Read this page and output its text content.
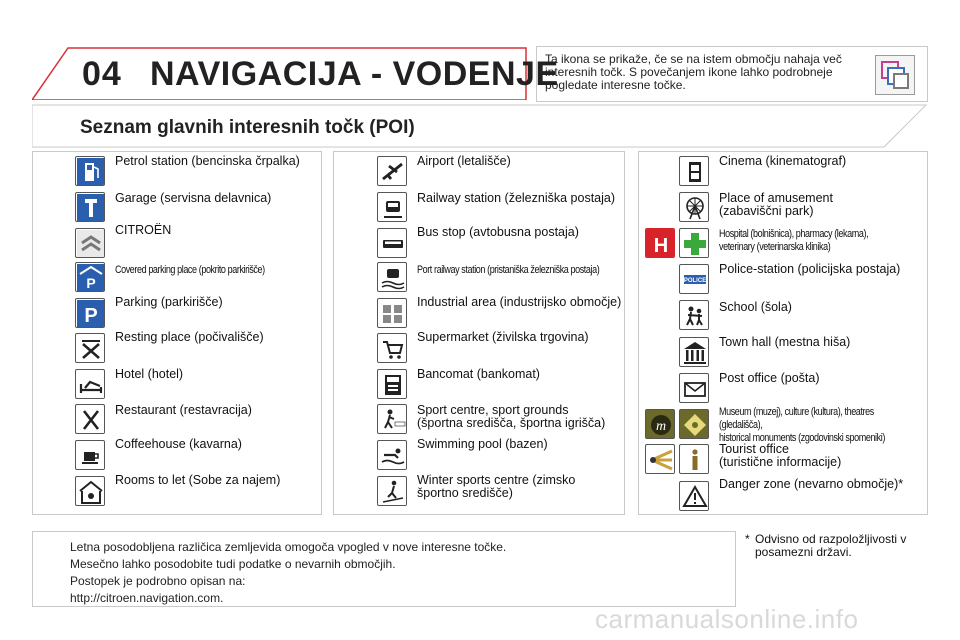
04 NAVIGACIJA - VODENJE
Ta ikona se prikaže, če se na istem območju nahaja več interesnih točk. S povečanjem ikone lahko podrobneje pogledate interesne točke.
Seznam glavnih interesnih točk (POI)
Petrol station (bencinska črpalka)
Garage (servisna delavnica)
CITROËN
P
Covered parking place (pokrito parkirišče)
P
Parking (parkirišče)
Resting place (počivališče)
Hotel (hotel)
Restaurant (restavracija)
Coffeehouse (kavarna)
Rooms to let (Sobe za najem)
Airport (letališče)
Railway station (železniška postaja)
Bus stop (avtobusna postaja)
Port railway station (pristaniška železniška postaja)
Industrial area (industrijsko območje)
Supermarket (živilska trgovina)
Bancomat (bankomat)
Sport centre, sport grounds
(športna središča, športna igrišča)
Swimming pool (bazen)
Winter sports centre (zimsko
športno središče)
Cinema (kinematograf)
Place of amusement
(zabaviščni park)
H
Hospital (bolnišnica), pharmacy (lekarna),
veterinary (veterinarska klinika)
POLICE
Police-station (policijska postaja)
School (šola)
Town hall (mestna hiša)
Post office (pošta)
m
Museum (muzej), culture (kultura), theatres (gledališča),
historical monuments (zgodovinski spomeniki)
Tourist office
(turistične informacije)
Danger zone (nevarno območje)*
Letna posodobljena različica zemljevida omogoča vpogled v nove interesne točke.
Mesečno lahko posodobite tudi podatke o nevarnih območjih.
Postopek je podrobno opisan na:
http://citroen.navigation.com.
* Odvisno od razpoložljivosti v posamezni državi.
carmanualsonline.info
